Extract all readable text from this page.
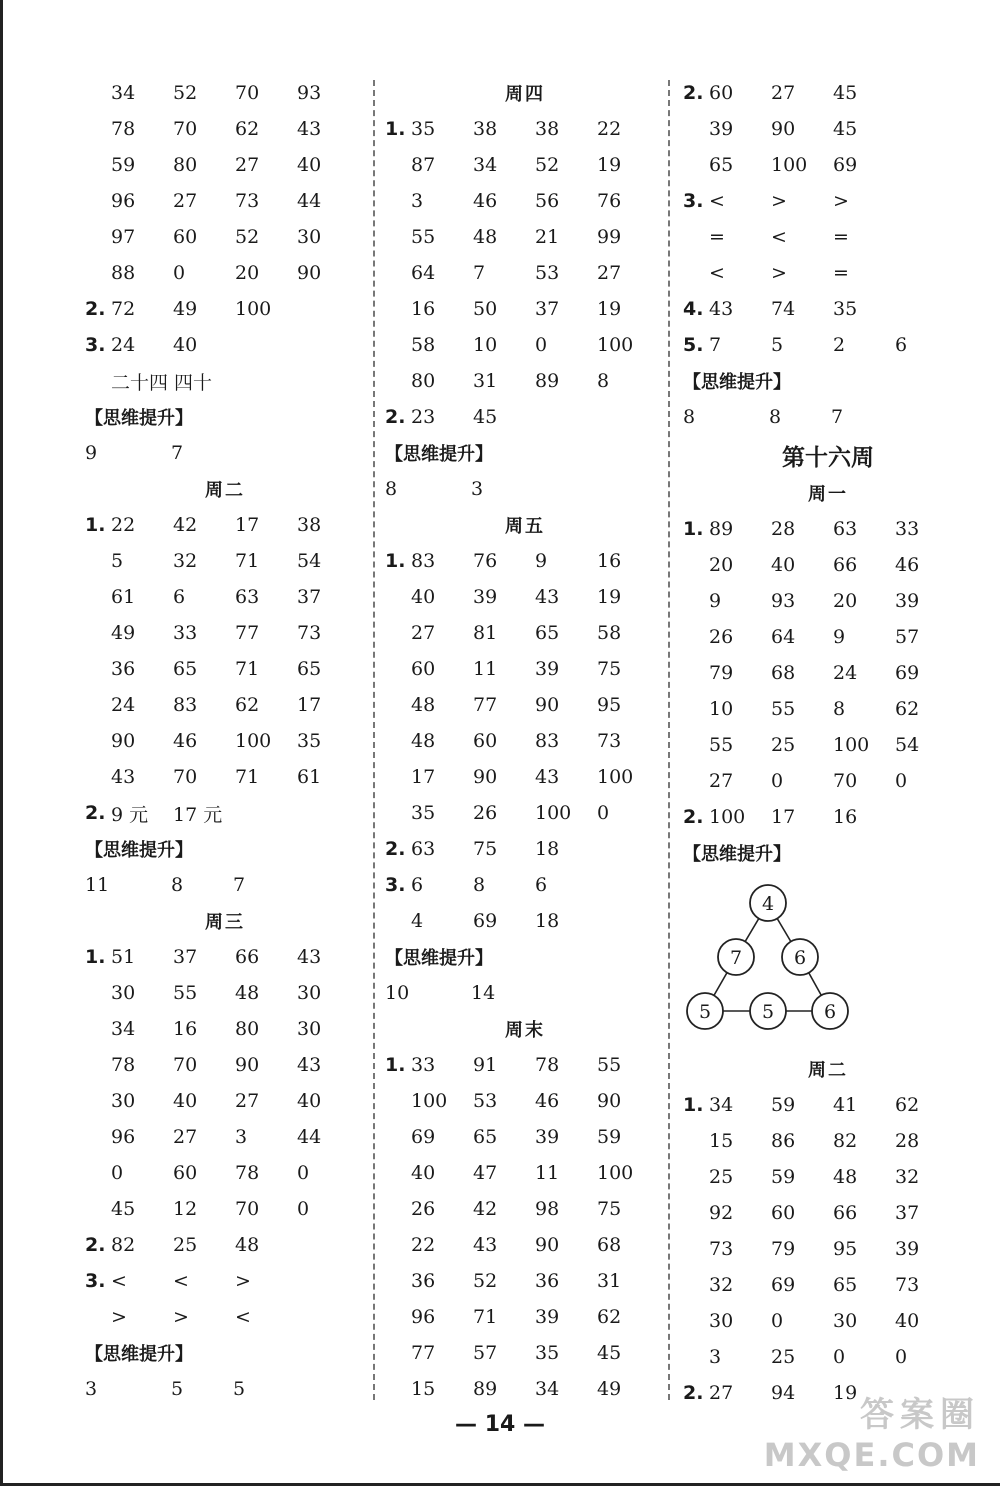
34	52	70	93
78	70	62	43
59	80	27	40
96	27	73	44
97	60	52	30
88	0	20	90
2. 72	49	100
3. 24	40
二十四 四十
【思维提升】
9	7
周二
1. 22	42	17	38
5	32	71	54
61	6	63	37
49	33	77	73
36	65	71	65
24	83	62	17
90	46	100	35
43	70	71	61
2. 9 元	17 元
【思维提升】
11	8	7
周三
1. 51	37	66	43
30	55	48	30
34	16	80	30
78	70	90	43
30	40	27	40
96	27	3	44
0	60	78	0
45	12	70	0
2. 82	25	48
3. <	<	>
>	>	<
【思维提升】
3	5	5
周四
1. 35	38	38	22
87	34	52	19
3	46	56	76
55	48	21	99
64	7	53	27
16	50	37	19
58	10	0	100
80	31	89	8
2. 23	45
【思维提升】
8	3
周五
1. 83	76	9	16
40	39	43	19
27	81	65	58
60	11	39	75
48	77	90	95
48	60	83	73
17	90	43	100
35	26	100	0
2. 63	75	18
3. 6	8	6
4	69	18
【思维提升】
10	14
周末
1. 33	91	78	55
100	53	46	90
69	65	39	59
40	47	11	100
26	42	98	75
22	43	90	68
36	52	36	31
96	71	39	62
77	57	35	45
15	89	34	49
2. 60	27	45
39	90	45
65	100	69
3. <	>	>
=	<	=
<	>	=
4. 43	74	35
5. 7	5	2	6
【思维提升】
8	8	7
第十六周
周一
1. 89	28	63	33
20	40	66	46
9	93	20	39
26	64	9	57
79	68	24	69
10	55	8	62
55	25	100	54
27	0	70	0
2. 100	17	16
【思维提升】
4
7	6
5	5	6
周二
1. 34	59	41	62
15	86	82	28
25	59	48	32
92	60	66	37
73	79	95	39
32	69	65	73
30	0	30	40
3	25	0	0
2. 27	94	19
— 14 —	答案圈
MXQE.COM
